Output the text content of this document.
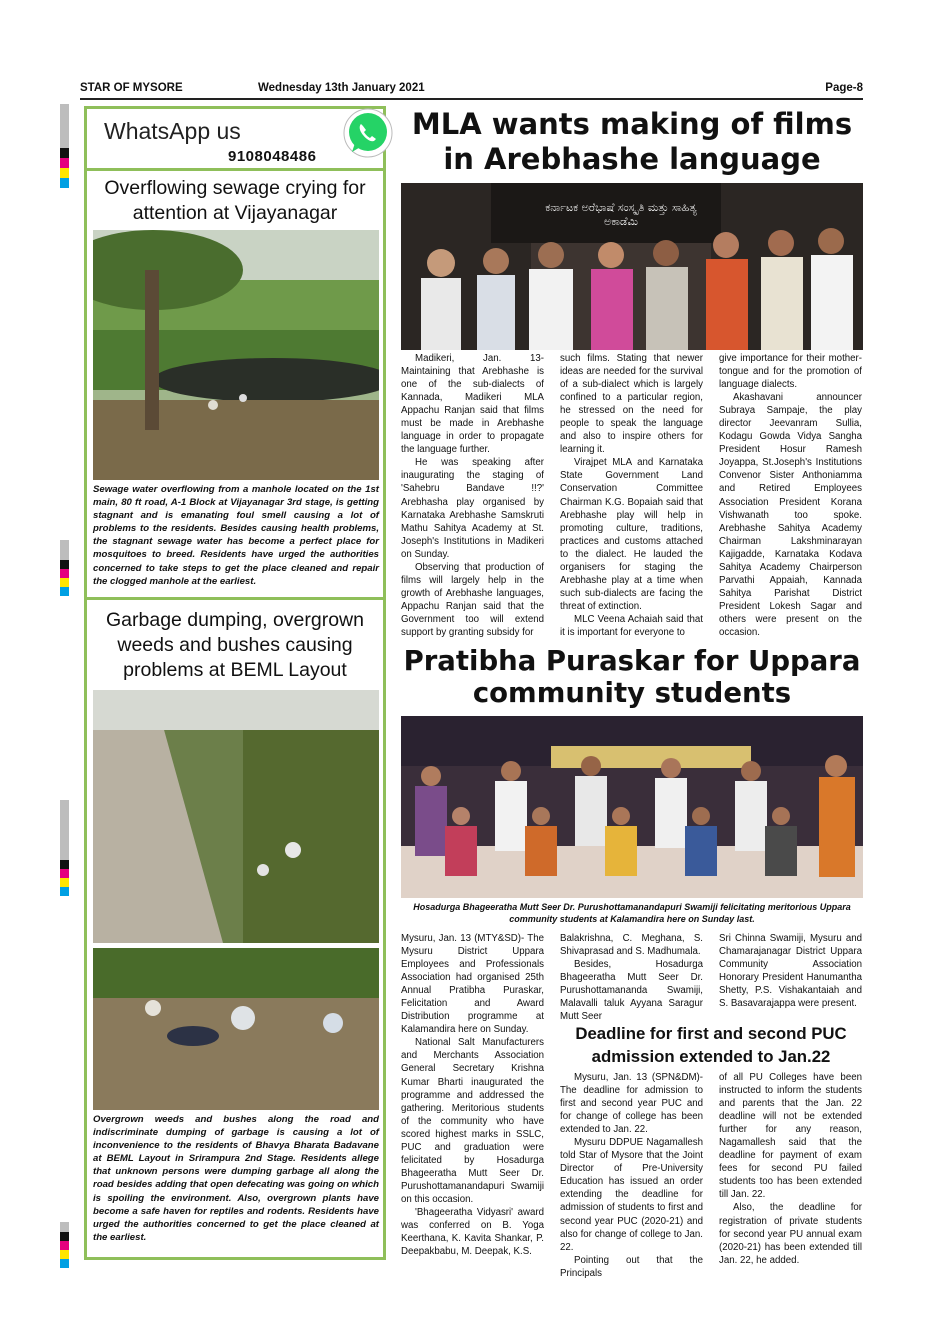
STAR OF MYSORE	Wednesday 13th January 2021	Page-8
WhatsApp us
9108048486
Overflowing sewage crying for attention at Vijayanagar
Sewage water overflowing from a manhole located on the 1st main, 80 ft road, A-1 Block at Vijayanagar 3rd stage, is getting stagnant and is emanating foul smell causing a lot of problems to the residents. Besides causing health problems, the stagnant sewage water has become a perfect place for mosquitoes to breed. Residents have urged the authorities concerned to take steps to get the place cleaned and repair the clogged manhole at the earliest.
Garbage dumping, overgrown weeds and bushes causing problems at BEML Layout
Overgrown weeds and bushes along the road and indiscriminate dumping of garbage is causing a lot of inconvenience to the residents of Bhavya Bharata Badavane at BEML Layout in Srirampura 2nd Stage. Residents allege that unknown persons were dumping garbage all along the road besides adding that open defecating was going on which is spoiling the environment. Also, overgrown plants have become a safe haven for reptiles and rodents. Residents have urged the authorities concerned to get the place cleaned at the earliest.
MLA wants making of films
in Arebhashe language
ಕರ್ನಾಟಕ ಅರೆಭಾಷೆ ಸಂಸ್ಕೃತಿ ಮತ್ತು ಸಾಹಿತ್ಯ ಅಕಾಡೆಮಿ

Madikeri, Jan. 13- Maintaining that Arebhashe is one of the sub-dialects of Kannada, Madikeri MLA Appachu Ranjan said that films must be made in Arebhashe language in order to propagate the language further.

He was speaking after inaugurating the staging of 'Sahebru Bandave !!?' Arebhasha play organised by Karnataka Arebhashe Samskruti Mathu Sahitya Academy at St. Joseph's Institutions in Madikeri on Sunday.

Observing that production of films will largely help in the growth of Arebhashe languages, Appachu Ranjan said that the Government too will extend support by granting subsidy for

such films. Stating that newer ideas are needed for the survival of a sub-dialect which is largely confined to a particular region, he stressed on the need for people to speak the language and also to inspire others for learning it.

Virajpet MLA and Karnataka State Government Land Conservation Committee Chairman K.G. Bopaiah said that Arebhashe play will help in promoting culture, traditions, practices and customs attached to the dialect. He lauded the organisers for staging the Arebhashe play at a time when such sub-dialects are facing the threat of extinction.

MLC Veena Achaiah said that it is important for everyone to

give importance for their mother-tongue and for the promotion of language dialects.

Akashavani announcer Subraya Sampaje, the play director Jeevanram Sullia, Kodagu Gowda Vidya Sangha President Hosur Ramesh Joyappa, St.Joseph's Institutions Convenor Sister Anthoniamma and Retired Employees Association President Korana Vishwanath too spoke. Arebhashe Sahitya Academy Chairman Lakshminarayan Kajigadde, Karnataka Kodava Sahitya Academy Chairperson Parvathi Appaiah, Kannada Sahitya Parishat District President Lokesh Sagar and others were present on the occasion.

Pratibha Puraskar for Uppara
community students
Hosadurga Bhageeratha Mutt Seer Dr. Purushottamanandapuri Swamiji felicitating meritorious Uppara community students at Kalamandira here on Sunday last.

Mysuru, Jan. 13 (MTY&SD)- The Mysuru District Uppara Employees and Professionals Association had organised 25th Annual Pratibha Puraskar, Felicitation and Award Distribution programme at Kalamandira here on Sunday.

National Salt Manufacturers and Merchants Association General Secretary Krishna Kumar Bharti inaugurated the programme and addressed the gathering. Meritorious students of the community who have scored highest marks in SSLC, PUC and graduation were felicitated by Hosadurga Bhageeratha Mutt Seer Dr. Purushottamanandapuri Swamiji on this occasion.

'Bhageeratha Vidyasri' award was conferred on B. Yoga Keerthana, K. Kavita Shankar, P. Deepakbabu, M. Deepak, K.S.

Balakrishna, C. Meghana, S. Shivaprasad and S. Madhumala.

Besides, Hosadurga Bhageeratha Mutt Seer Dr. Purushottamananda Swamiji, Malavalli taluk Ayyana Saragur Mutt Seer

Sri Chinna Swamiji, Mysuru and Chamarajanagar District Uppara Community Association Honorary President Hanumantha Shetty, P.S. Vishakantaiah and S. Basavarajappa were present.

Deadline for first and second PUC
admission extended to Jan.22

Mysuru, Jan. 13 (SPN&DM)- The deadline for admission to first and second year PUC and for change of college has been extended to Jan. 22.

Mysuru DDPUE Nagamallesh told Star of Mysore that the Joint Director of Pre-University Education has issued an order extending the deadline for admission of students to first and second year PUC (2020-21) and also for change of college to Jan. 22.

Pointing out that the Principals

of all PU Colleges have been instructed to inform the students and parents that the Jan. 22 deadline will not be extended further for any reason, Nagamallesh said that the deadline for payment of exam fees for second PU failed students too has been extended till Jan. 22.

Also, the deadline for registration of private students for second year PU annual exam (2020-21) has been extended till Jan. 22, he added.
